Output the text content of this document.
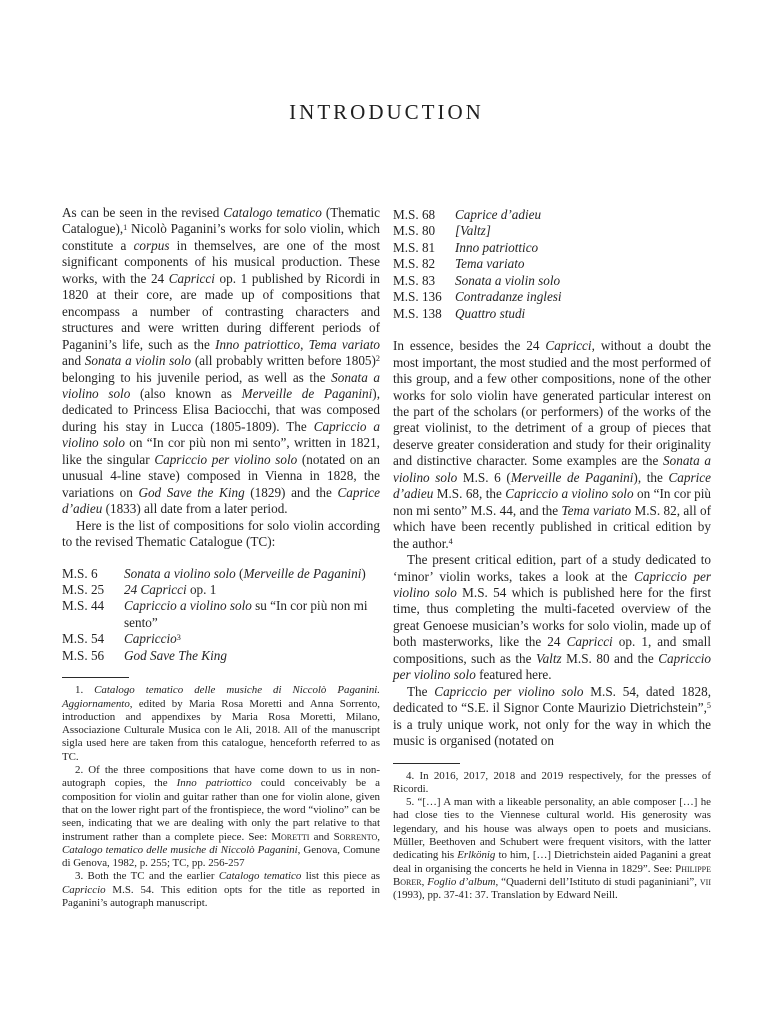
INTRODUCTION

As can be seen in the revised Catalogo tematico (Thematic Catalogue),$^1$ Nicolò Paganini’s works for solo violin, which constitute a corpus in themselves, are one of the most significant components of his musical production. These works, with the 24 Capricci op. 1 published by Ricordi in 1820 at their core, are made up of compositions that encompass a number of contrasting characters and structures and were written during different periods of Paganini’s life, such as the Inno patriottico, Tema variato and Sonata a violin solo (all probably written before 1805)$^2$ belonging to his juvenile period, as well as the Sonata a violino solo (also known as Merveille de Paganini), dedicated to Princess Elisa Baciocchi, that was composed during his stay in Lucca (1805-1809). The Capriccio a violino solo on “In cor più non mi sento”, written in 1821, like the singular Capriccio per violino solo (notated on an unusual 4-line stave) composed in Vienna in 1828, the variations on God Save the King (1829) and the Caprice d’adieu (1833) all date from a later period.

Here is the list of compositions for solo violin according to the revised Thematic Catalogue (TC):

M.S. 6	Sonata a violino solo (Merveille de Paganini)
M.S. 25	24 Capricci op. 1
M.S. 44	Capriccio a violino solo su “In cor più non mi sento”
M.S. 54	Capriccio$^3$
M.S. 56	God Save The King

1. Catalogo tematico delle musiche di Niccolò Paganini. Aggiornamento, edited by Maria Rosa Moretti and Anna Sorrento, introduction and appendixes by Maria Rosa Moretti, Milano, Associazione Culturale Musica con le Ali, 2018. All of the manuscript sigla used here are taken from this catalogue, henceforth referred to as TC.

2. Of the three compositions that have come down to us in non-autograph copies, the Inno patriottico could conceivably be a composition for violin and guitar rather than one for violin alone, given that on the lower right part of the frontispiece, the word “violino” can be seen, indicating that we are dealing with only the part relative to that instrument rather than a complete piece. See: Moretti and Sorrento, Catalogo tematico delle musiche di Niccolò Paganini, Genova, Comune di Genova, 1982, p. 255; TC, pp. 256-257

3. Both the TC and the earlier Catalogo tematico list this piece as Capriccio M.S. 54. This edition opts for the title as reported in Paganini’s autograph manuscript.

M.S. 68	Caprice d’adieu
M.S. 80	[Valtz]
M.S. 81	Inno patriottico
M.S. 82	Tema variato
M.S. 83	Sonata a violin solo
M.S. 136	Contradanze inglesi
M.S. 138	Quattro studi

In essence, besides the 24 Capricci, without a doubt the most important, the most studied and the most performed of this group, and a few other compositions, none of the other works for solo violin have generated particular interest on the part of the scholars (or performers) of the works of the great violinist, to the detriment of a group of pieces that deserve greater consideration and study for their originality and distinctive character. Some examples are the Sonata a violino solo M.S. 6 (Merveille de Paganini), the Caprice d’adieu M.S. 68, the Capriccio a violino solo on “In cor più non mi sento” M.S. 44, and the Tema variato M.S. 82, all of which have been recently published in critical edition by the author.$^4$

The present critical edition, part of a study dedicated to ‘minor’ violin works, takes a look at the Capriccio per violino solo M.S. 54 which is published here for the first time, thus completing the multi-faceted overview of the great Genoese musician’s works for solo violin, made up of both masterworks, like the 24 Capricci op. 1, and small compositions, such as the Valtz M.S. 80 and the Capriccio per violino solo featured here.

The Capriccio per violino solo M.S. 54, dated 1828, dedicated to “S.E. il Signor Conte Maurizio Dietrichstein”,$^5$ is a truly unique work, not only for the way in which the music is organised (notated on

4. In 2016, 2017, 2018 and 2019 respectively, for the presses of Ricordi.

5. “[…] A man with a likeable personality, an able composer […] he had close ties to the Viennese cultural world. His generosity was legendary, and his house was always open to poets and musicians. Müller, Beethoven and Schubert were frequent visitors, with the latter dedicating his Erlkönig to him, […] Dietrichstein aided Paganini a great deal in organising the concerts he held in Vienna in 1829”. See: Philippe Borer, Foglio d’album, “Quaderni dell’Istituto di studi paganiniani”, vii (1993), pp. 37-41: 37. Translation by Edward Neill.
